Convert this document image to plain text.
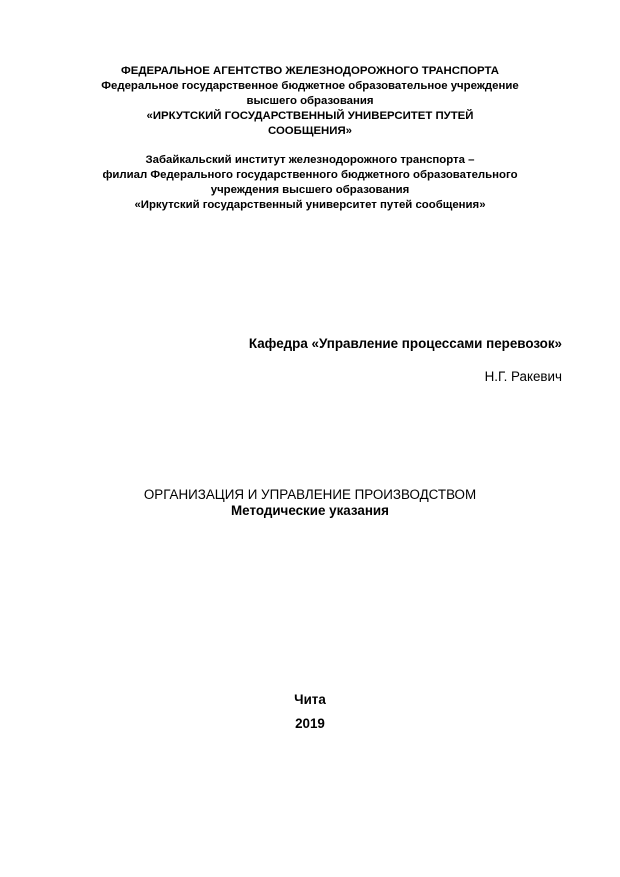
ФЕДЕРАЛЬНОЕ АГЕНТСТВО ЖЕЛЕЗНОДОРОЖНОГО ТРАНСПОРТА
Федеральное государственное бюджетное образовательное учреждение
высшего образования
«ИРКУТСКИЙ ГОСУДАРСТВЕННЫЙ УНИВЕРСИТЕТ ПУТЕЙ
СООБЩЕНИЯ»
Забайкальский институт железнодорожного транспорта –
филиал Федерального государственного бюджетного образовательного
учреждения высшего образования
«Иркутский государственный университет путей сообщения»
Кафедра «Управление процессами перевозок»
Н.Г. Ракевич
ОРГАНИЗАЦИЯ И УПРАВЛЕНИЕ ПРОИЗВОДСТВОМ
Методические указания
Чита
2019
